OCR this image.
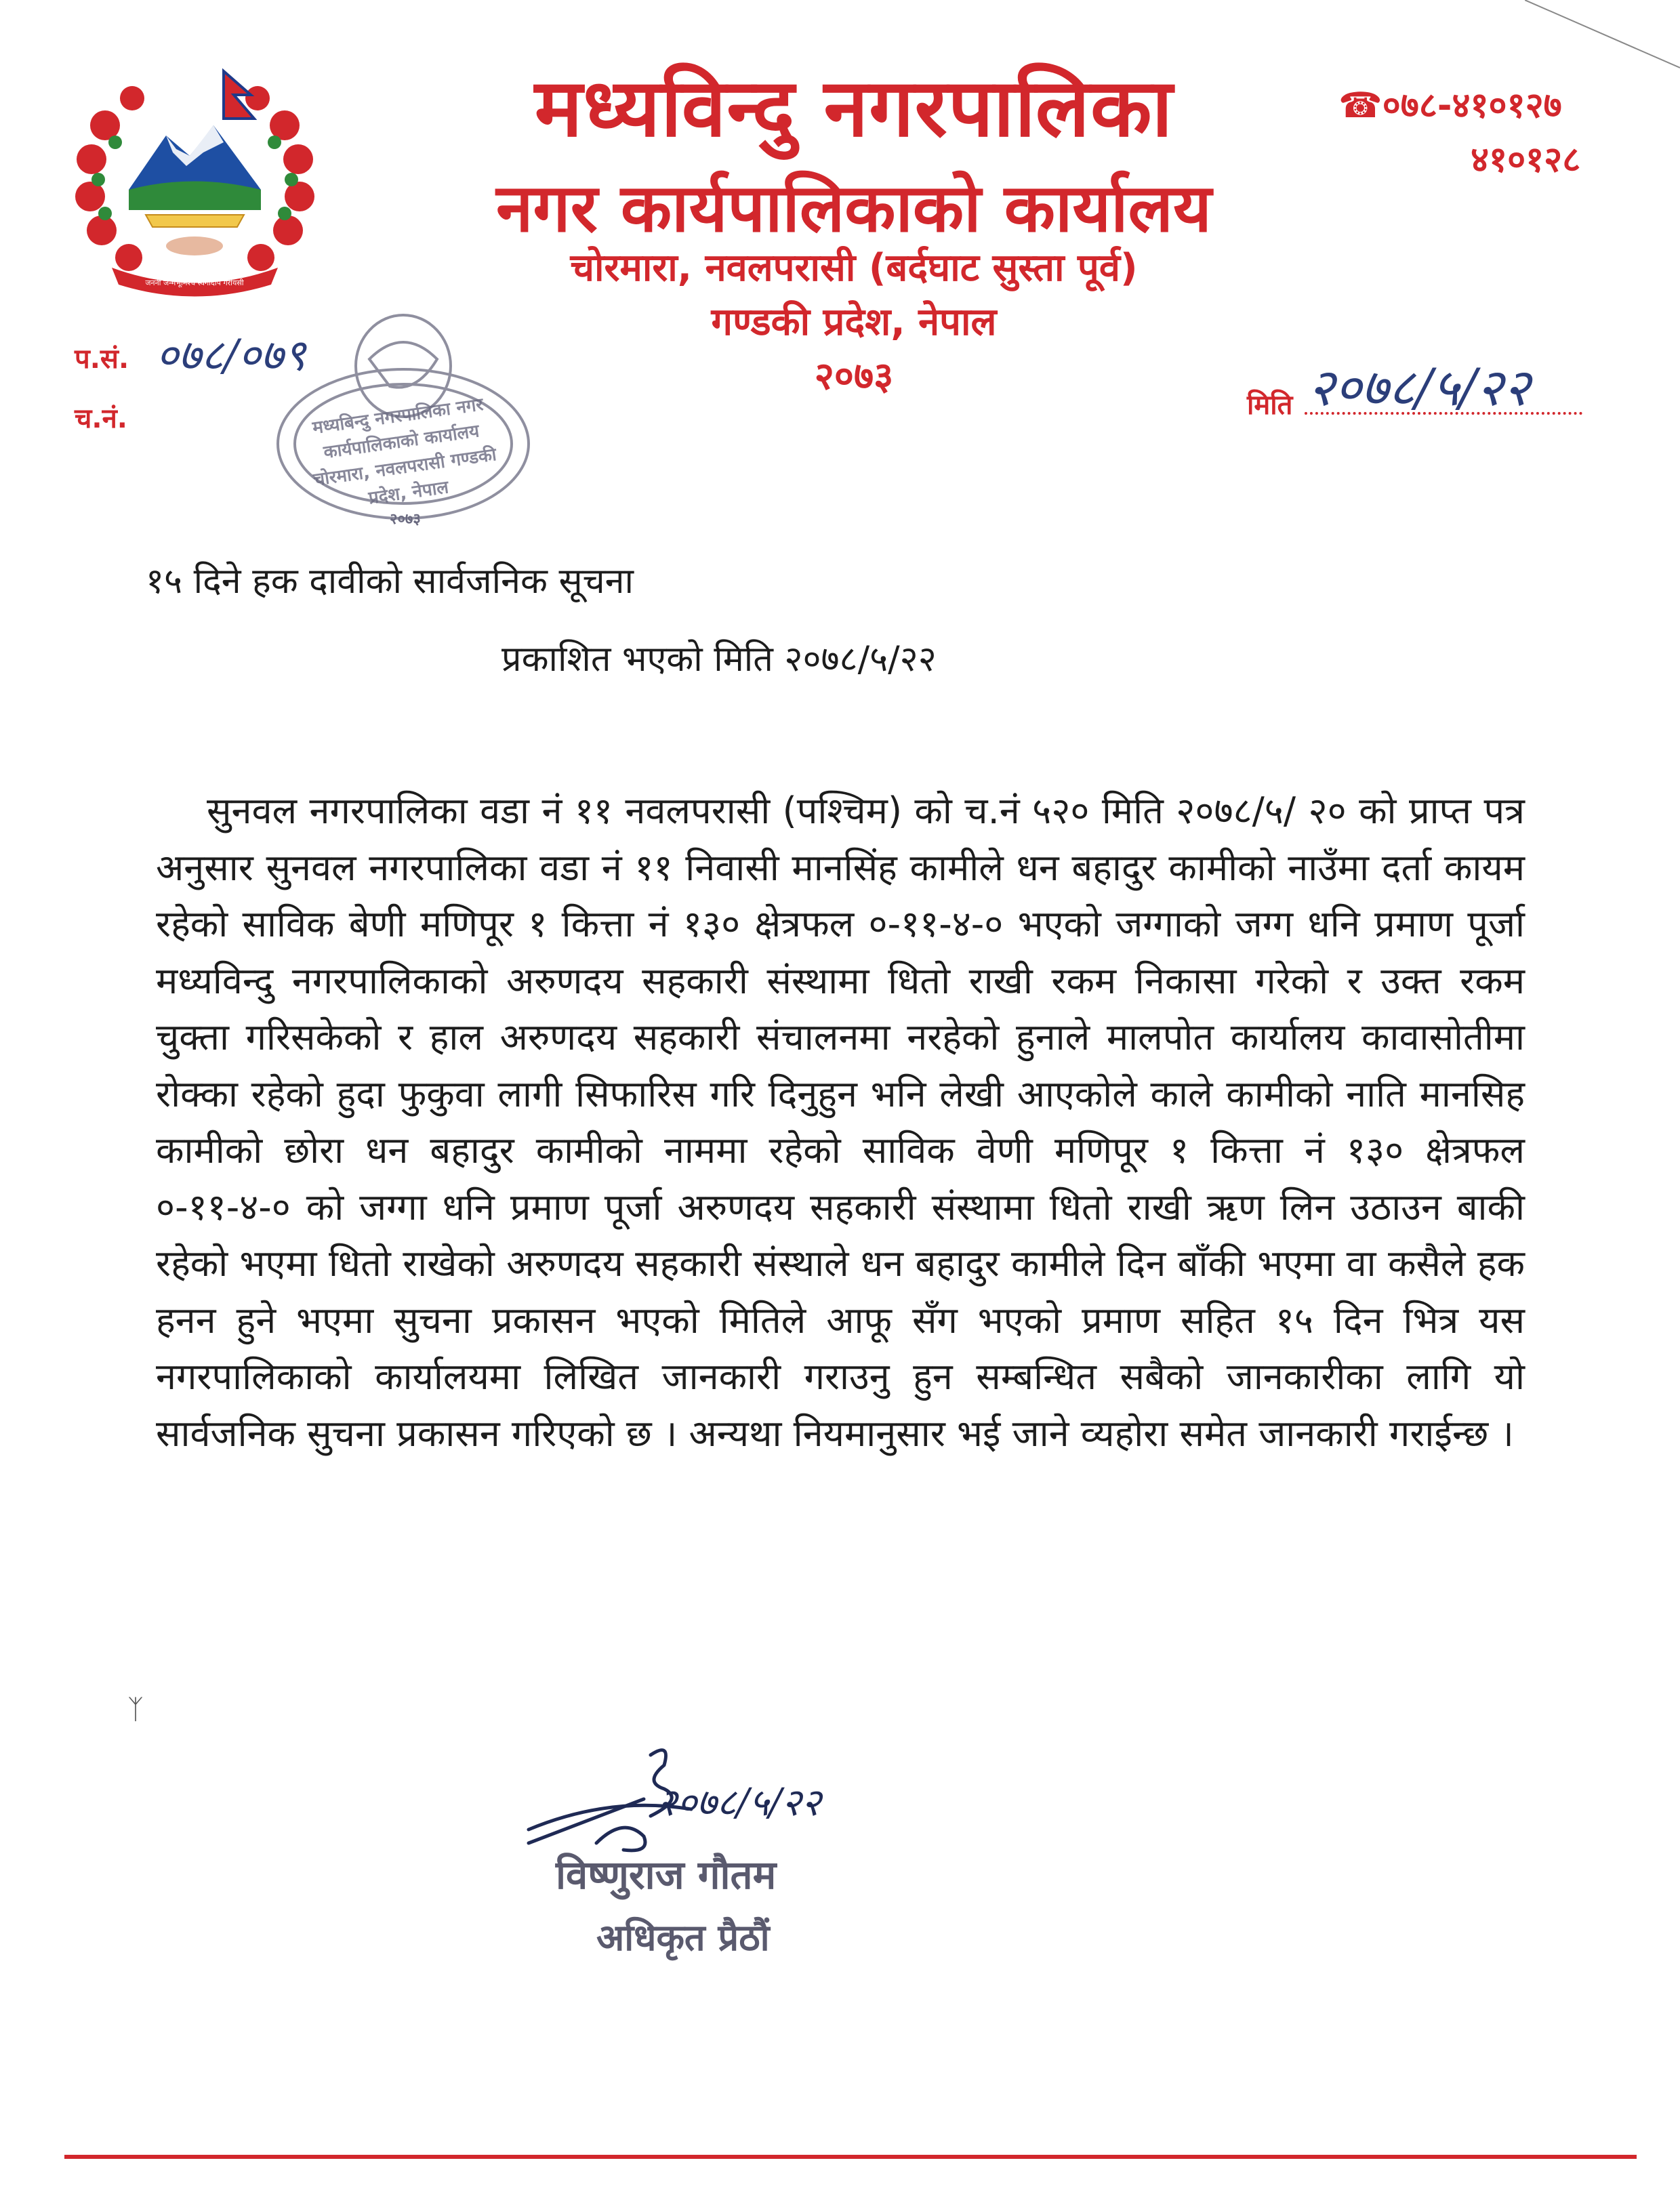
जननी जन्मभूमिश्च स्वर्गादपि गरीयसी
मध्यविन्दु नगरपालिका
नगर कार्यपालिकाको कार्यालय
चोरमारा, नवलपरासी (बर्दघाट सुस्ता पूर्व)
गण्डकी प्रदेश, नेपाल
२०७३
☎०७८-४१०१२७
४१०१२८
प.सं. ०७८/०७९
च.नं.	मिति २०७८/५/२२
मध्यबिन्दु नगरपालिका नगर कार्यपालिकाको कार्यालय चोरमारा, नवलपरासी गण्डकी प्रदेश, नेपाल
२०७३
१५ दिने हक दावीको सार्वजनिक सूचना
प्रकाशित भएको मिति २०७८/५/२२
सुनवल नगरपालिका वडा नं ११ नवलपरासी (पश्चिम) को च.नं ५२० मिति २०७८/५/ २० को प्राप्त पत्र अनुसार सुनवल नगरपालिका वडा नं ११ निवासी मानसिंह कामीले धन बहादुर कामीको नाउँमा दर्ता कायम रहेको साविक बेणी मणिपूर १ कित्ता नं १३० क्षेत्रफल ०-११-४-० भएको जग्गाको जग्ग धनि प्रमाण पूर्जा मध्यविन्दु नगरपालिकाको अरुणदय सहकारी संस्थामा धितो राखी रकम निकासा गरेको र उक्त रकम चुक्ता गरिसकेको र हाल अरुणदय सहकारी संचालनमा नरहेको हुनाले मालपोत कार्यालय कावासोतीमा रोक्का रहेको हुदा फुकुवा लागी सिफारिस गरि दिनुहुन भनि लेखी आएकोले काले कामीको नाति मानसिह कामीको छोरा धन बहादुर कामीको नाममा रहेको साविक वेणी मणिपूर १ कित्ता नं १३० क्षेत्रफल ०-११-४-० को जग्गा धनि प्रमाण पूर्जा अरुणदय सहकारी संस्थामा धितो राखी ऋण लिन उठाउन बाकी रहेको भएमा धितो राखेको अरुणदय सहकारी संस्थाले धन बहादुर कामीले दिन बाँकी भएमा वा कसैले हक हनन हुने भएमा सुचना प्रकासन भएको मितिले आफू सँग भएको प्रमाण सहित १५ दिन भित्र यस नगरपालिकाको कार्यालयमा लिखित जानकारी गराउनु हुन सम्बन्धित सबैको जानकारीका लागि यो सार्वजनिक सुचना प्रकासन गरिएको छ । अन्यथा नियमानुसार भई जाने व्यहोरा समेत जानकारी गराईन्छ ।
ᛉ
२०७८/५/२२
विष्णुराज गौतम
अधिकृत प्रैठौं
